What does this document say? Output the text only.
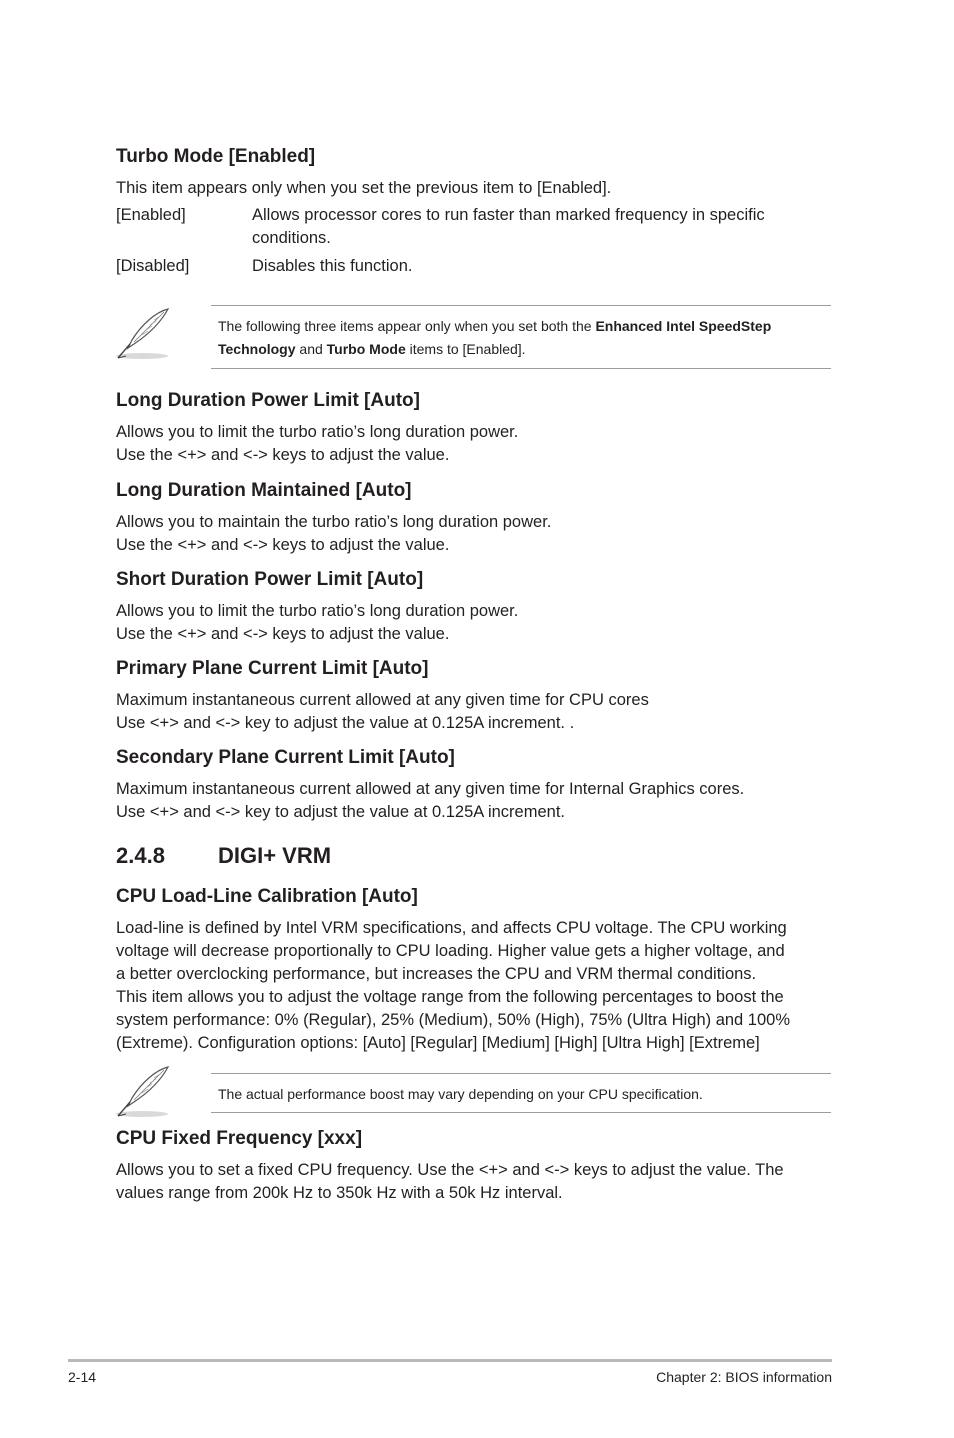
Turbo Mode [Enabled]
This item appears only when you set the previous item to [Enabled].
[Enabled]	Allows processor cores to run faster than marked frequency in specific
conditions.
[Disabled]	Disables this function.
The following three items appear only when you set both the Enhanced Intel SpeedStep
Technology and Turbo Mode items to [Enabled].
Long Duration Power Limit [Auto]
Allows you to limit the turbo ratio’s long duration power.
Use the <+> and <-> keys to adjust the value.
Long Duration Maintained [Auto]
Allows you to maintain the turbo ratio’s long duration power.
Use the <+> and <-> keys to adjust the value.
Short Duration Power Limit [Auto]
Allows you to limit the turbo ratio’s long duration power.
Use the <+> and <-> keys to adjust the value.
Primary Plane Current Limit [Auto]
Maximum instantaneous current allowed at any given time for CPU cores
Use <+> and <-> key to adjust the value at 0.125A increment. .
Secondary Plane Current Limit [Auto]
Maximum instantaneous current allowed at any given time for Internal Graphics cores.
Use <+> and <-> key to adjust the value at 0.125A increment.
2.4.8 DIGI+ VRM
CPU Load-Line Calibration [Auto]
Load-line is defined by Intel VRM specifications, and affects CPU voltage. The CPU working
voltage will decrease proportionally to CPU loading. Higher value gets a higher voltage, and
a better overclocking performance, but increases the CPU and VRM thermal conditions.
This item allows you to adjust the voltage range from the following percentages to boost the
system performance: 0% (Regular), 25% (Medium), 50% (High), 75% (Ultra High) and 100%
(Extreme). Configuration options: [Auto] [Regular] [Medium] [High] [Ultra High] [Extreme]
The actual performance boost may vary depending on your CPU specification.
CPU Fixed Frequency [xxx]
Allows you to set a fixed CPU frequency. Use the <+> and <-> keys to adjust the value. The
values range from 200k Hz to 350k Hz with a 50k Hz interval.
2-14	Chapter 2: BIOS information
